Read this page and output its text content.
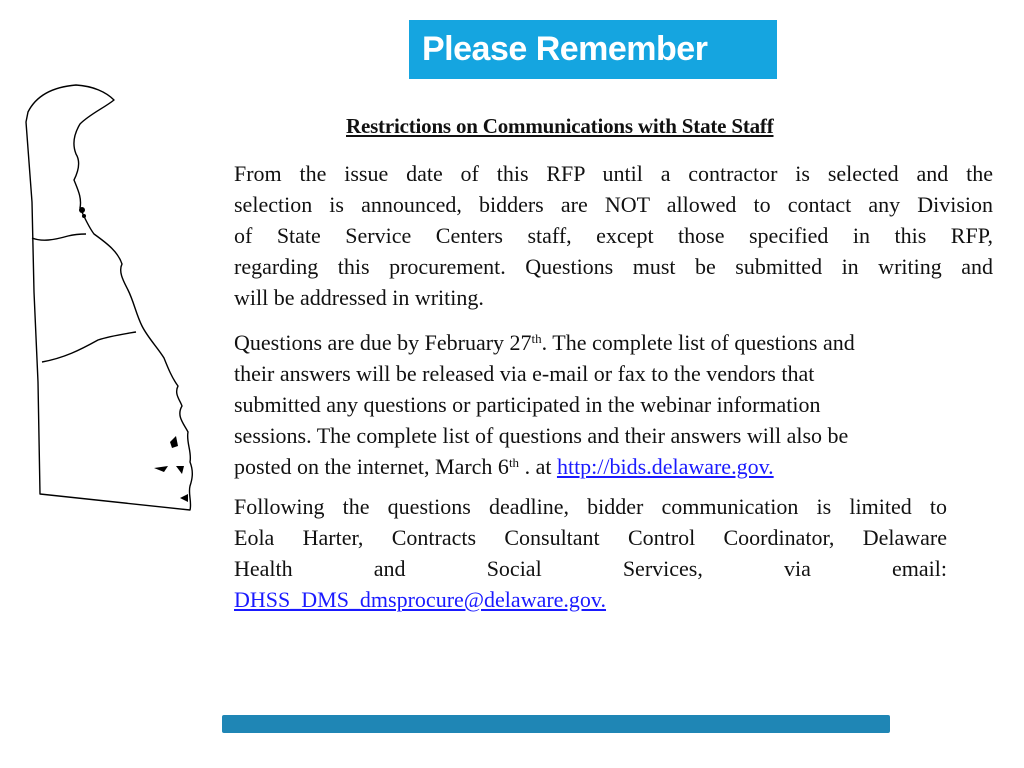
Please Remember
Restrictions on Communications with State Staff
From the issue date of this RFP until a contractor is selected and the
selection is announced, bidders are NOT allowed to contact any Division
of State Service Centers staff, except those specified in this RFP,
regarding this procurement. Questions must be submitted in writing and
will be addressed in writing.
Questions are due by February 27th. The complete list of questions and
their answers will be released via e-mail or fax to the vendors that
submitted any questions or participated in the webinar information
sessions. The complete list of questions and their answers will also be
posted on the internet, March 6th . at http://bids.delaware.gov.
Following the questions deadline, bidder communication is limited to
Eola Harter, Contracts Consultant Control Coordinator, Delaware
Health and Social Services, via email:
DHSS_DMS_dmsprocure@delaware.gov.
